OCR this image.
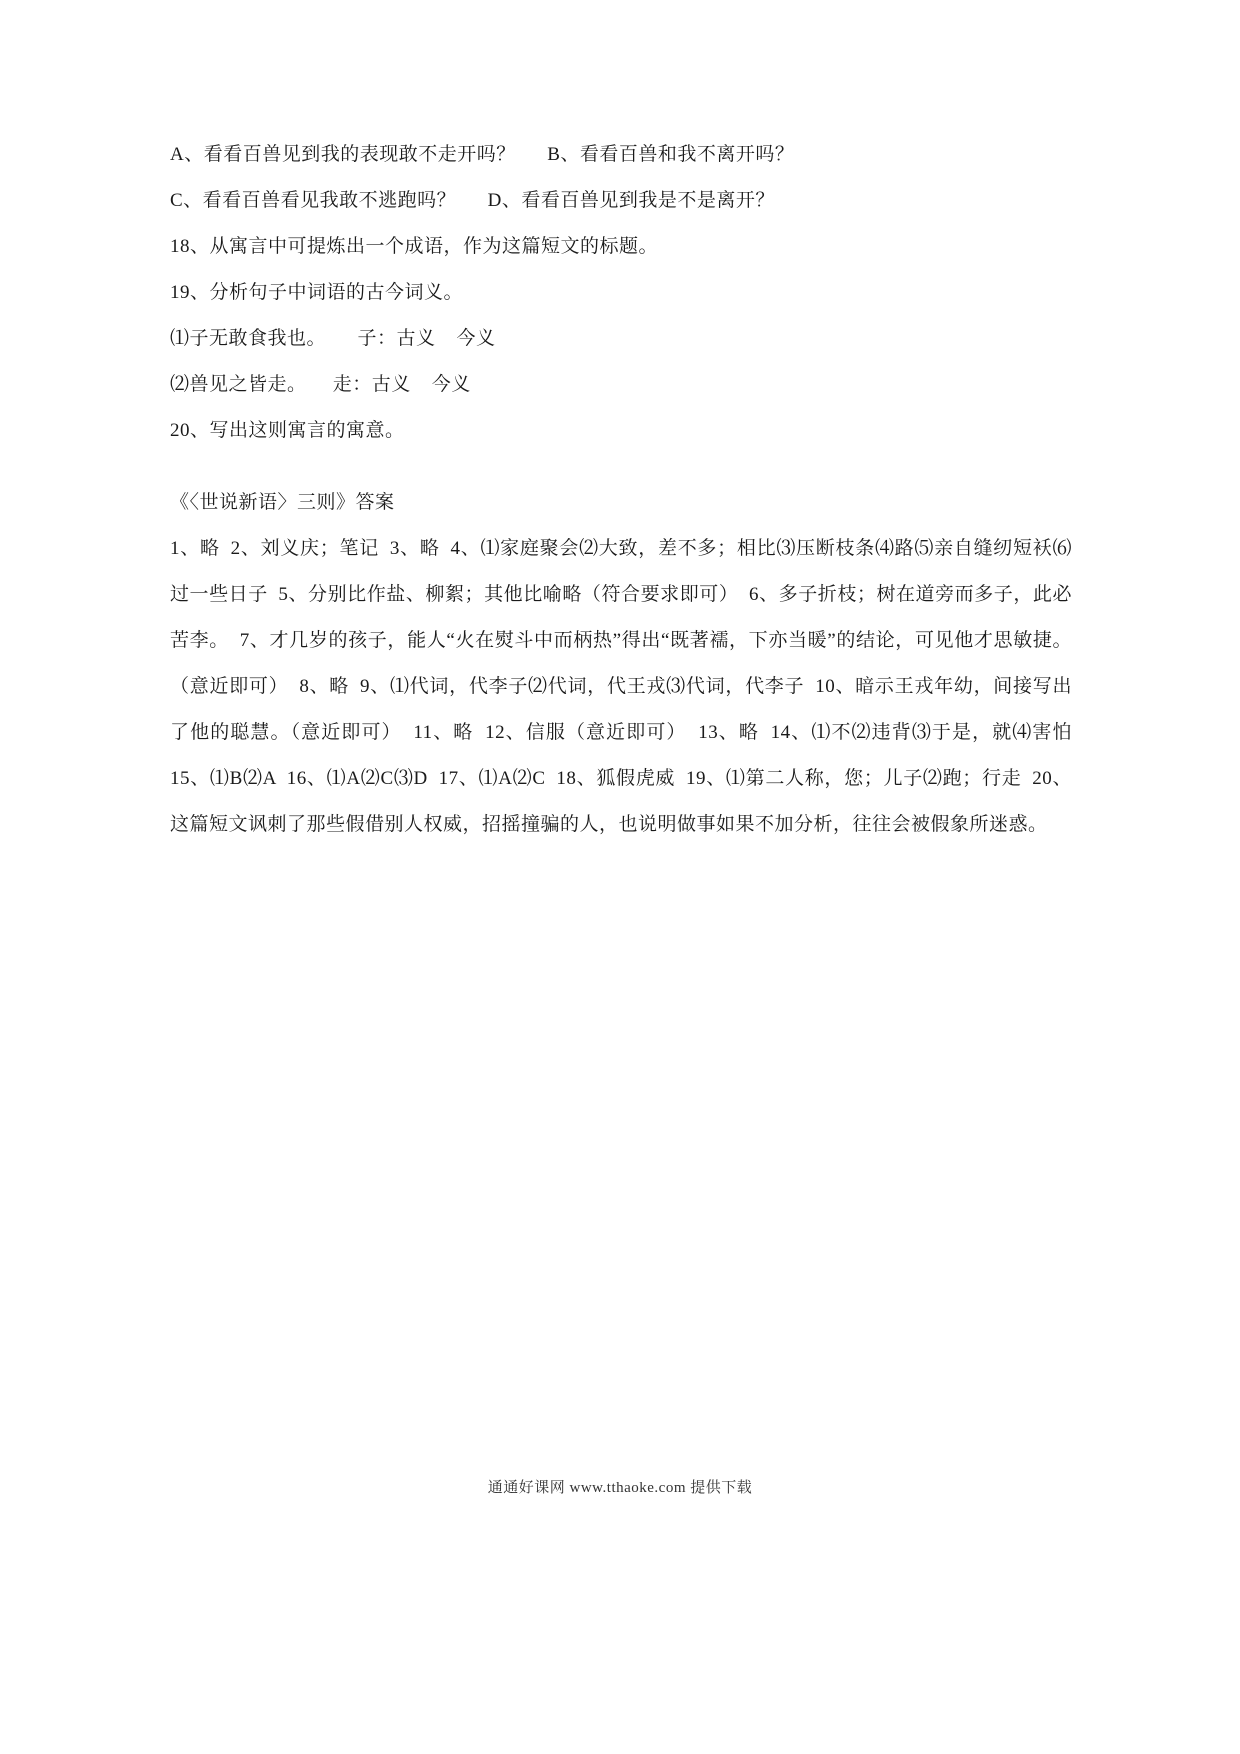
A、看看百兽见到我的表现敢不走开吗？      B、看看百兽和我不离开吗？
C、看看百兽看见我敢不逃跑吗？      D、看看百兽见到我是不是离开？
18、从寓言中可提炼出一个成语，作为这篇短文的标题。
19、分析句子中词语的古今词义。
⑴子无敢食我也。      子：古义    今义
⑵兽见之皆走。     走：古义    今义
20、写出这则寓言的寓意。
《〈世说新语〉三则》答案
1、略  2、刘义庆；笔记  3、略  4、⑴家庭聚会⑵大致，差不多；相比⑶压断枝条⑷路⑸亲自缝纫短袄⑹过一些日子  5、分别比作盐、柳絮；其他比喻略（符合要求即可）  6、多子折枝；树在道旁而多子，此必苦李。  7、才几岁的孩子，能人“火在熨斗中而柄热”得出“既著襦，下亦当暖”的结论，可见他才思敏捷。（意近即可）  8、略  9、⑴代词，代李子⑵代词，代王戎⑶代词，代李子  10、暗示王戎年幼，间接写出了他的聪慧。（意近即可）  11、略  12、信服（意近即可）  13、略  14、⑴不⑵违背⑶于是，就⑷害怕  15、⑴B⑵A  16、⑴A⑵C⑶D  17、⑴A⑵C  18、狐假虎威  19、⑴第二人称，您；儿子⑵跑；行走  20、这篇短文讽刺了那些假借别人权威，招摇撞骗的人，也说明做事如果不加分析，往往会被假象所迷惑。
通通好课网 www.tthaoke.com 提供下载
